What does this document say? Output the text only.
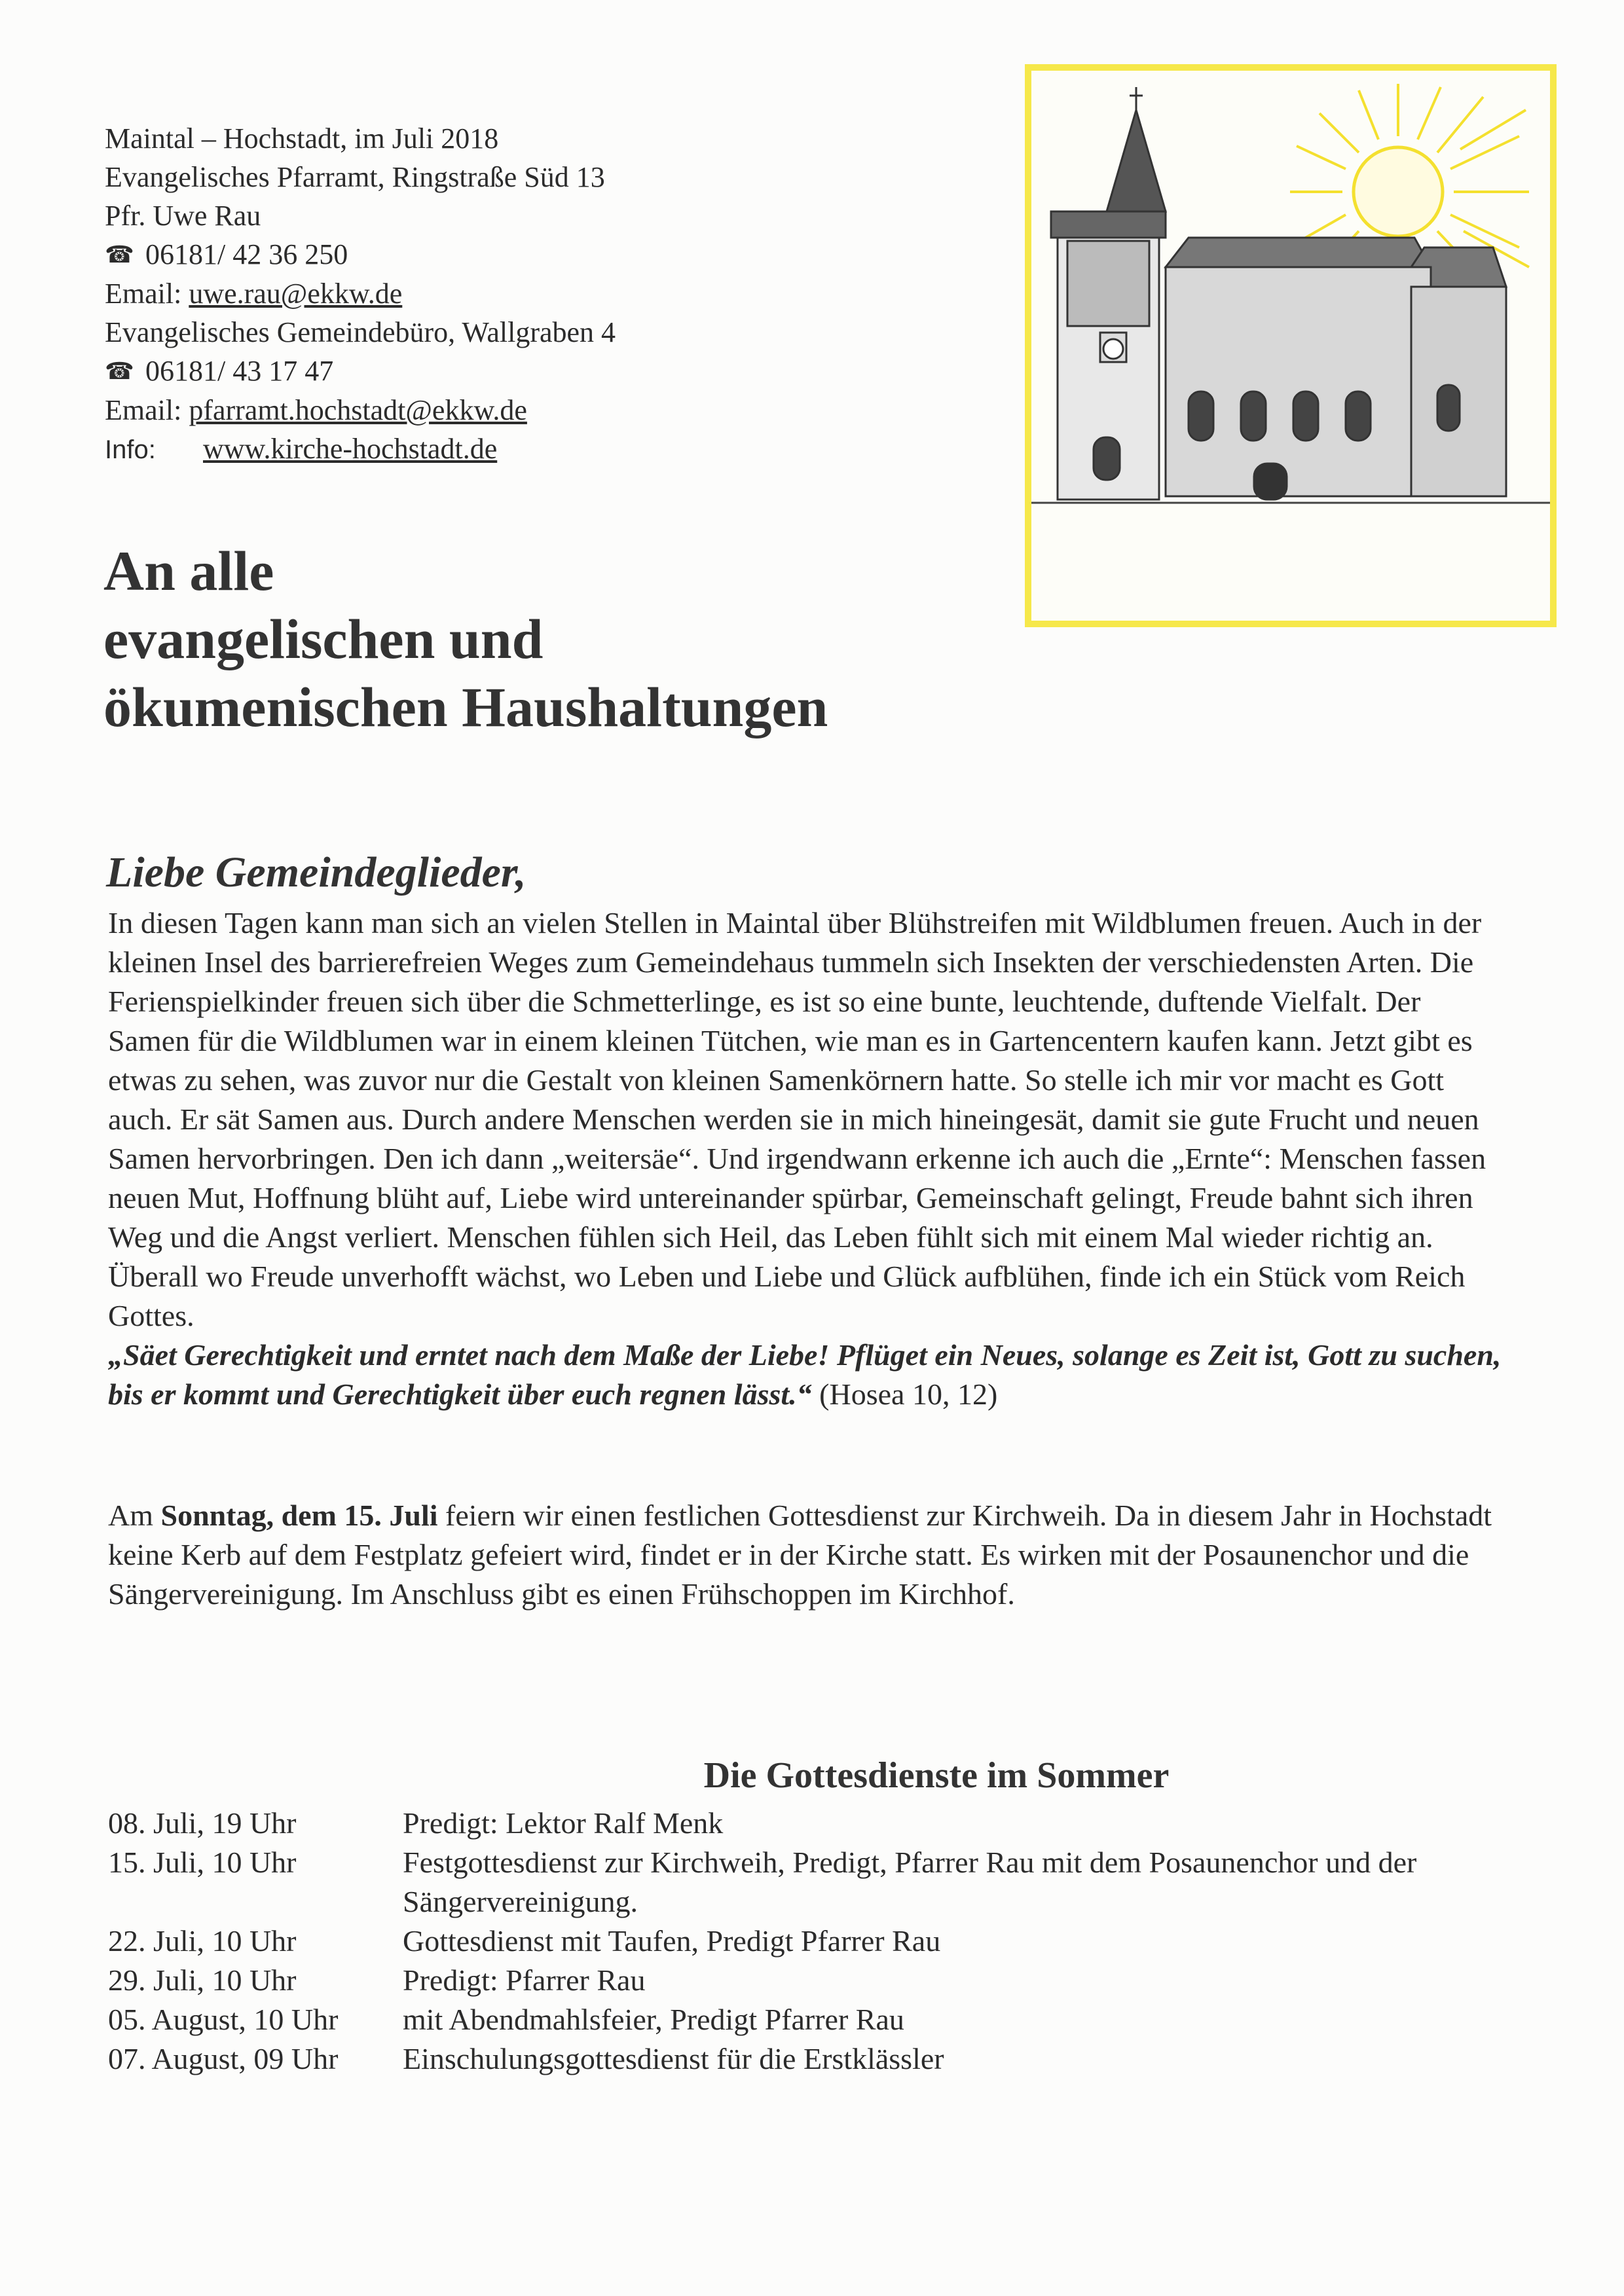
Maintal – Hochstadt, im Juli 2018
Evangelisches Pfarramt, Ringstraße Süd 13
Pfr. Uwe Rau
☎ 06181/ 42 36 250
Email: uwe.rau@ekkw.de
Evangelisches Gemeindebüro, Wallgraben 4
☎ 06181/ 43 17 47
Email: pfarramt.hochstadt@ekkw.de
Info: www.kirche-hochstadt.de
An alle
evangelischen und
ökumenischen Haushaltungen
Liebe Gemeindeglieder,
In diesen Tagen kann man sich an vielen Stellen in Maintal über Blühstreifen mit Wildblumen freuen. Auch in der kleinen Insel des barrierefreien Weges zum Gemeindehaus tummeln sich Insekten der verschiedensten Arten. Die Ferienspielkinder freuen sich über die Schmetterlinge, es ist so eine bunte, leuchtende, duftende Vielfalt. Der Samen für die Wildblumen war in einem kleinen Tütchen, wie man es in Gartencentern kaufen kann. Jetzt gibt es etwas zu sehen, was zuvor nur die Gestalt von kleinen Samenkörnern hatte. So stelle ich mir vor macht es Gott auch. Er sät Samen aus. Durch andere Menschen werden sie in mich hineingesät, damit sie gute Frucht und neuen Samen hervorbringen. Den ich dann „weitersäe“. Und irgendwann erkenne ich auch die „Ernte“: Menschen fassen neuen Mut, Hoffnung blüht auf, Liebe wird untereinander spürbar, Gemeinschaft gelingt, Freude bahnt sich ihren Weg und die Angst verliert. Menschen fühlen sich Heil, das Leben fühlt sich mit einem Mal wieder richtig an. Überall wo Freude unverhofft wächst, wo Leben und Liebe und Glück aufblühen, finde ich ein Stück vom Reich Gottes.
„Säet Gerechtigkeit und erntet nach dem Maße der Liebe! Pflüget ein Neues, solange es Zeit ist, Gott zu suchen, bis er kommt und Gerechtigkeit über euch regnen lässt.“ (Hosea 10, 12)
Am Sonntag, dem 15. Juli feiern wir einen festlichen Gottesdienst zur Kirchweih. Da in diesem Jahr in Hochstadt keine Kerb auf dem Festplatz gefeiert wird, findet er in der Kirche statt. Es wirken mit der Posaunenchor und die Sängervereinigung. Im Anschluss gibt es einen Frühschoppen im Kirchhof.
Die Gottesdienste im Sommer
08. Juli, 19 Uhr	Predigt: Lektor Ralf Menk
15. Juli, 10 Uhr	Festgottesdienst zur Kirchweih, Predigt, Pfarrer Rau mit dem Posaunenchor und der Sängervereinigung.
22. Juli, 10 Uhr	Gottesdienst mit Taufen, Predigt Pfarrer Rau
29. Juli, 10 Uhr	Predigt: Pfarrer Rau
05. August, 10 Uhr	mit Abendmahlsfeier, Predigt Pfarrer Rau
07. August, 09 Uhr	Einschulungsgottesdienst für die Erstklässler
